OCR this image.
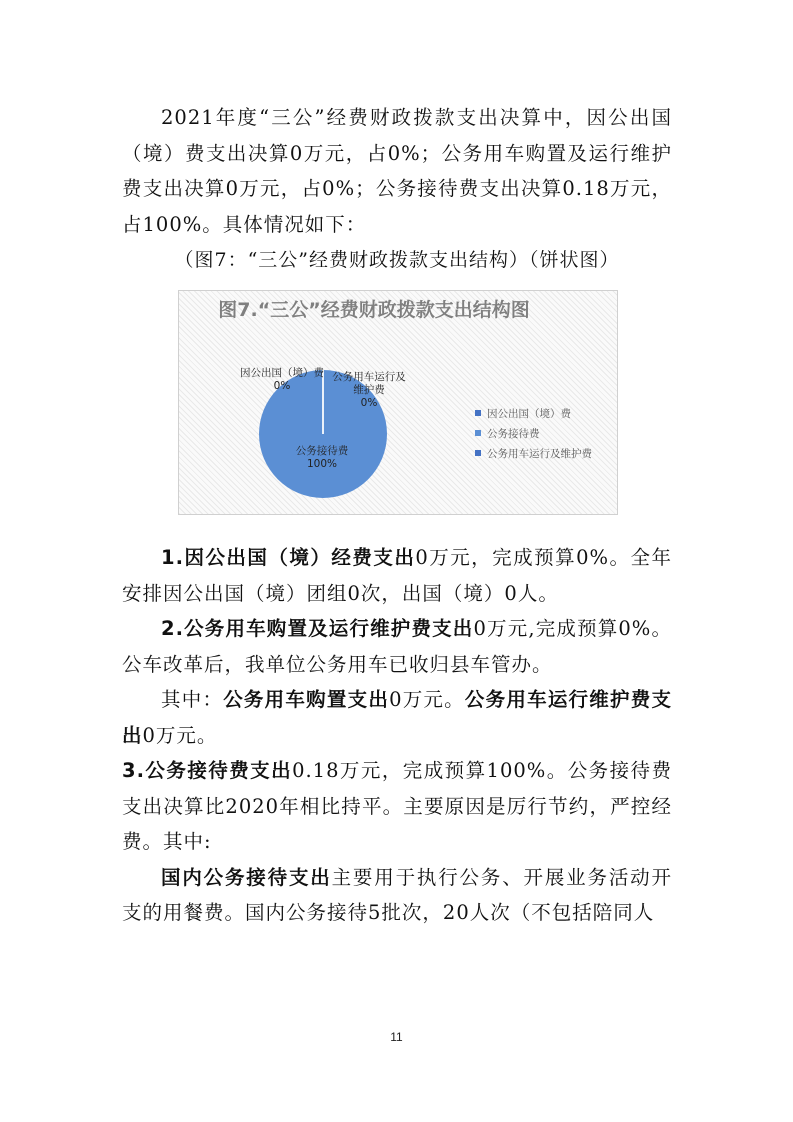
2021年度“三公”经费财政拨款支出决算中，因公出国（境）费支出决算0万元，占0%；公务用车购置及运行维护费支出决算0万元，占0%；公务接待费支出决算0.18万元，占100%。具体情况如下：

（图7：“三公”经费财政拨款支出结构）（饼状图）

图7.“三公”经费财政拨款支出结构图
因公出国（境）费
0%
公务用车运行及维护费
0%
公务接待费
100%
因公出国（境）费
公务接待费
公务用车运行及维护费

1.因公出国（境）经费支出0万元，完成预算0%。全年安排因公出国（境）团组0次，出国（境）0人。

2.公务用车购置及运行维护费支出0万元,完成预算0%。公车改革后，我单位公务用车已收归县车管办。

其中：公务用车购置支出0万元。公务用车运行维护费支出0万元。

3.公务接待费支出0.18万元，完成预算100%。公务接待费支出决算比2020年相比持平。主要原因是厉行节约，严控经费。其中:

国内公务接待支出主要用于执行公务、开展业务活动开支的用餐费。国内公务接待5批次，20人次（不包括陪同人

11
